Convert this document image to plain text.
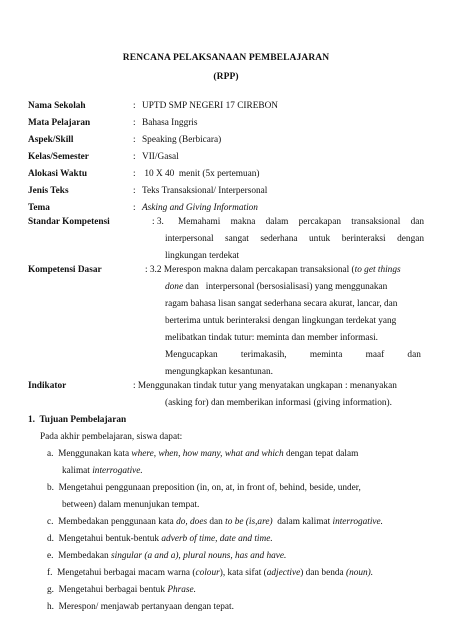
RENCANA PELAKSANAAN PEMBELAJARAN
(RPP)
Nama Sekolah	: UPTD SMP NEGERI 17 CIREBON
Mata Pelajaran	: Bahasa Inggris
Aspek/Skill	: Speaking (Berbicara)
Kelas/Semester	: VII/Gasal
Alokasi Waktu	: 10 X 40  menit (5x pertemuan)
Jenis Teks	: Teks Transaksional/ Interpersonal
Tema	: Asking and Giving Information
Standar Kompetensi	: 3. Memahami makna dalam percakapan transaksional dan
interpersonal sangat sederhana untuk berinteraksi dengan
lingkungan terdekat
Kompetensi Dasar	: 3.2 Merespon makna dalam percakapan transaksional (to get things
done dan   interpersonal (bersosialisasi) yang menggunakan
ragam bahasa lisan sangat sederhana secara akurat, lancar, dan
berterima untuk berinteraksi dengan lingkungan terdekat yang
melibatkan tindak tutur: meminta dan member informasi.
Mengucapkan          terimakasih,          meminta          maaf          dan
mengungkapkan kesantunan.
Indikator	: Menggunakan tindak tutur yang menyatakan ungkapan : menanyakan
(asking for) dan memberikan informasi (giving information).
1.  Tujuan Pembelajaran
Pada akhir pembelajaran, siswa dapat:
a.  Menggunakan kata where, when, how many, what and which dengan tepat dalam
kalimat interrogative.
b.  Mengetahui penggunaan preposition (in, on, at, in front of, behind, beside, under,
between) dalam menunjukan tempat.
c.  Membedakan penggunaan kata do, does dan to be (is,are)  dalam kalimat interrogative.
d.  Mengetahui bentuk-bentuk adverb of time, date and time.
e.  Membedakan singular (a and a), plural nouns, has and have.
f.  Mengetahui berbagai macam warna (colour), kata sifat (adjective) dan benda (noun).
g.  Mengetahui berbagai bentuk Phrase.
h.  Merespon/ menjawab pertanyaan dengan tepat.
